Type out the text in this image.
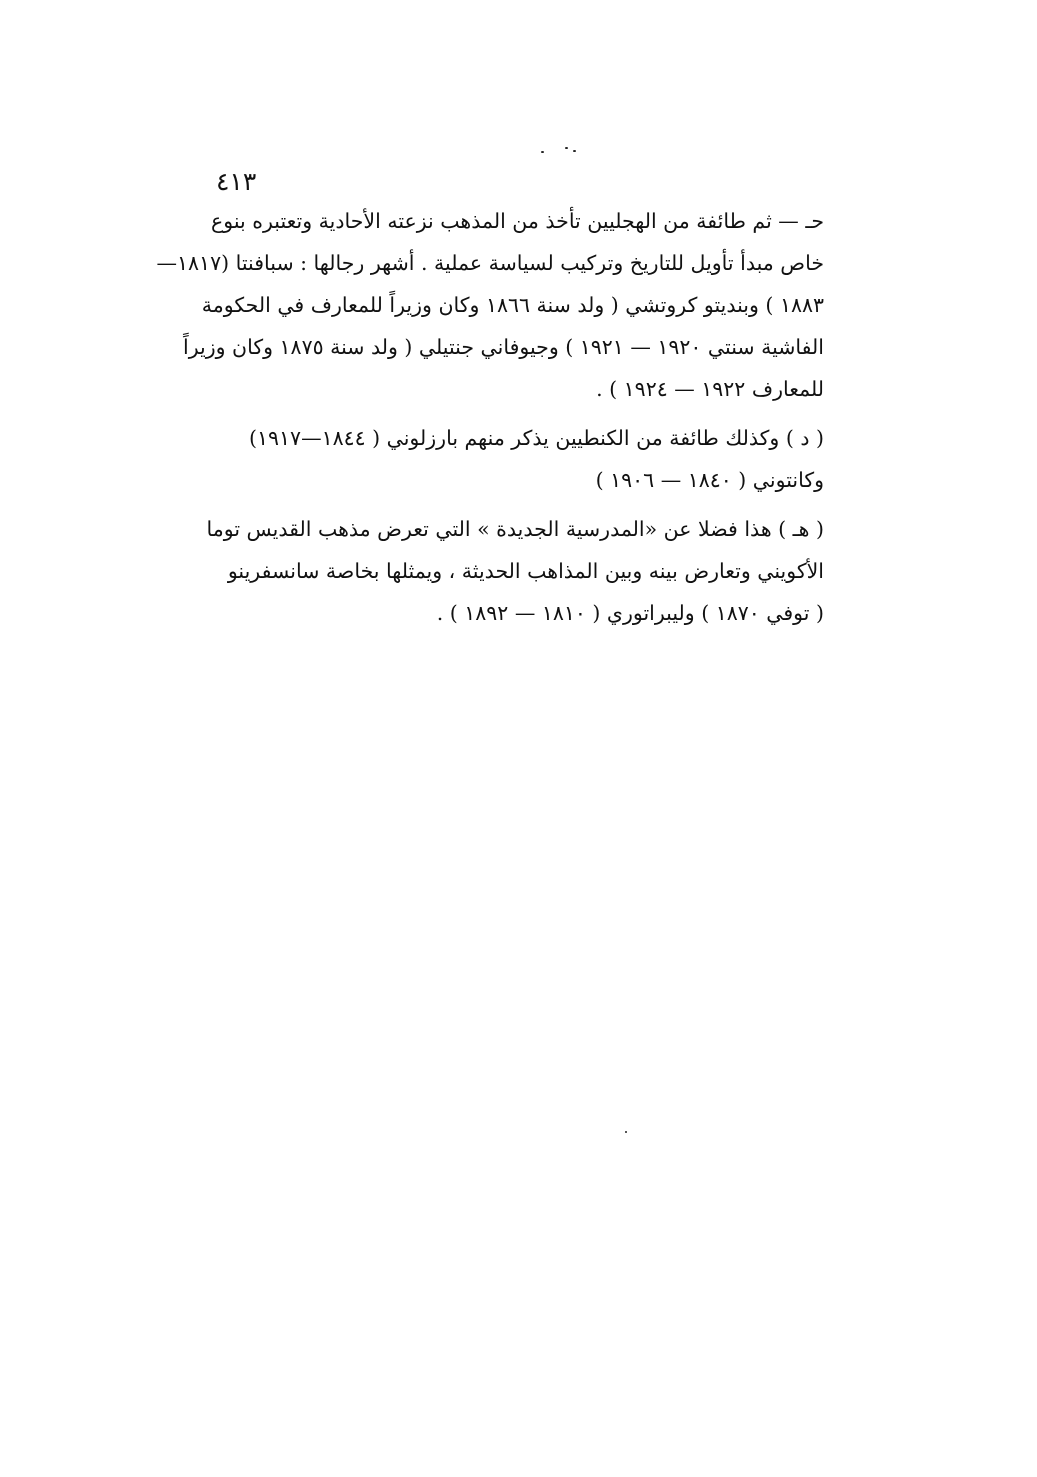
٤١٣
حـ — ثم طائفة من الهجليين تأخذ من المذهب نزعته الأحادية وتعتبره بنوع
خاص مبدأ تأويل للتاريخ وتركيب لسياسة عملية . أشهر رجالها : سبافنتا (١٨١٧—
١٨٨٣ ) وبنديتو كروتشي ( ولد سنة ١٨٦٦ وكان وزيراً للمعارف في الحكومة
الفاشية سنتي ١٩٢٠ — ١٩٢١ ) وجيوفاني جنتيلي ( ولد سنة ١٨٧٥ وكان وزيراً
للمعارف ١٩٢٢ — ١٩٢٤ ) .
( د ) وكذلك طائفة من الكنطيين يذكر منهم بارزلوني ( ١٨٤٤—١٩١٧)
وكانتوني ( ١٨٤٠ — ١٩٠٦ )
( هـ ) هذا فضلا عن «المدرسية الجديدة » التي تعرض مذهب القديس توما
الأكويني وتعارض بينه وبين المذاهب الحديثة ، ويمثلها بخاصة سانسفرينو
( توفي ١٨٧٠ ) وليبراتوري ( ١٨١٠ — ١٨٩٢ ) .
